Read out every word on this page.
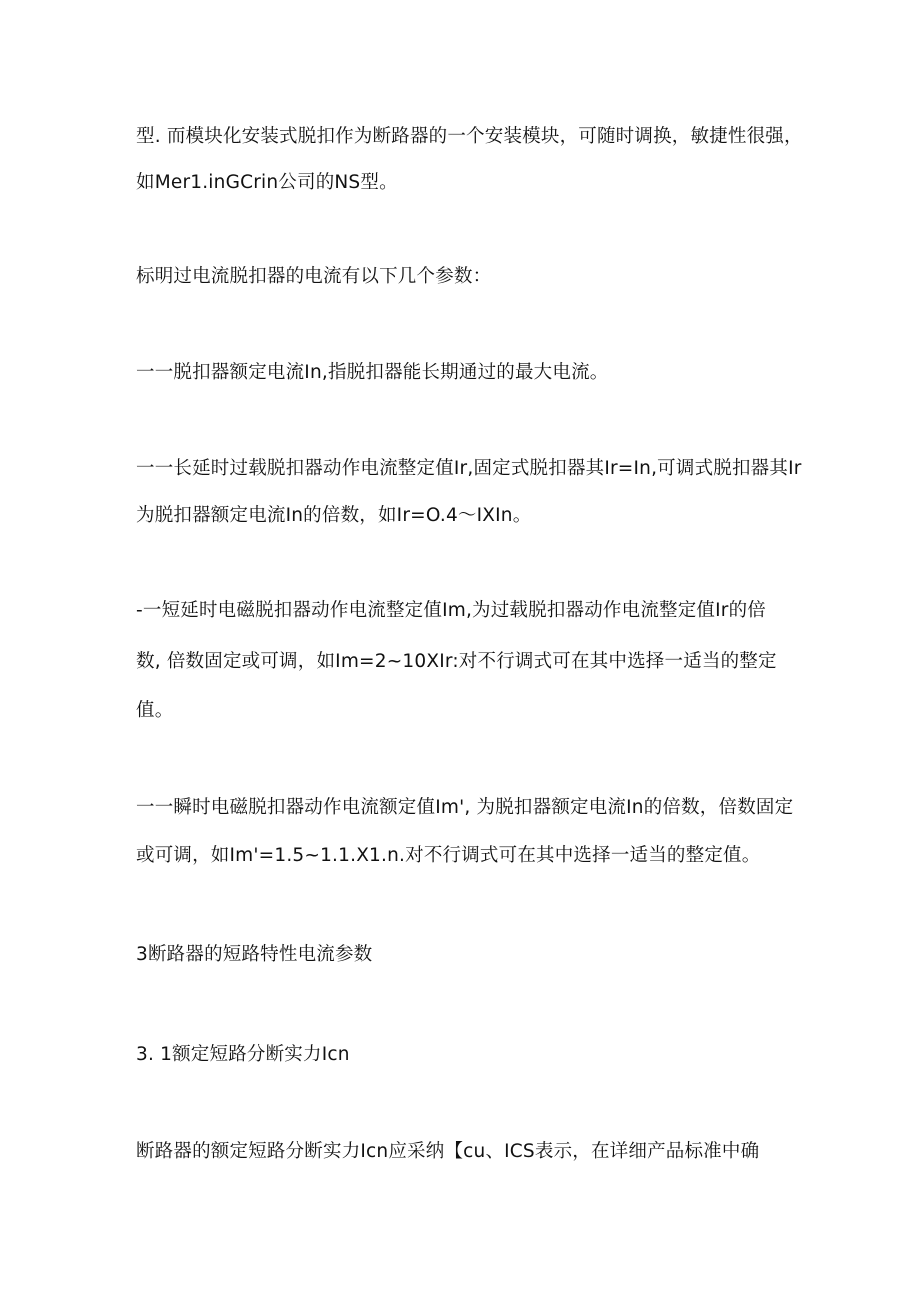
型. 而模块化安装式脱扣作为断路器的一个安装模块，可随时调换，敏捷性很强，
如Mer1.inGCrin公司的NS型。
标明过电流脱扣器的电流有以下几个参数：
一一脱扣器额定电流In,指脱扣器能长期通过的最大电流。
一一长延时过载脱扣器动作电流整定值Ir,固定式脱扣器其Ir=In,可调式脱扣器其Ir
为脱扣器额定电流In的倍数，如Ir=O.4～IXIn。
-一短延时电磁脱扣器动作电流整定值Im,为过载脱扣器动作电流整定值Ir的倍
数, 倍数固定或可调，如Im=2~10XIr:对不行调式可在其中选择一适当的整定
值。
一一瞬时电磁脱扣器动作电流额定值Im', 为脱扣器额定电流In的倍数，倍数固定
或可调，如Im'=1.5~1.1.X1.n.对不行调式可在其中选择一适当的整定值。
3断路器的短路特性电流参数
3. 1额定短路分断实力Icn
断路器的额定短路分断实力Icn应采纳【cu、ICS表示，在详细产品标准中确
